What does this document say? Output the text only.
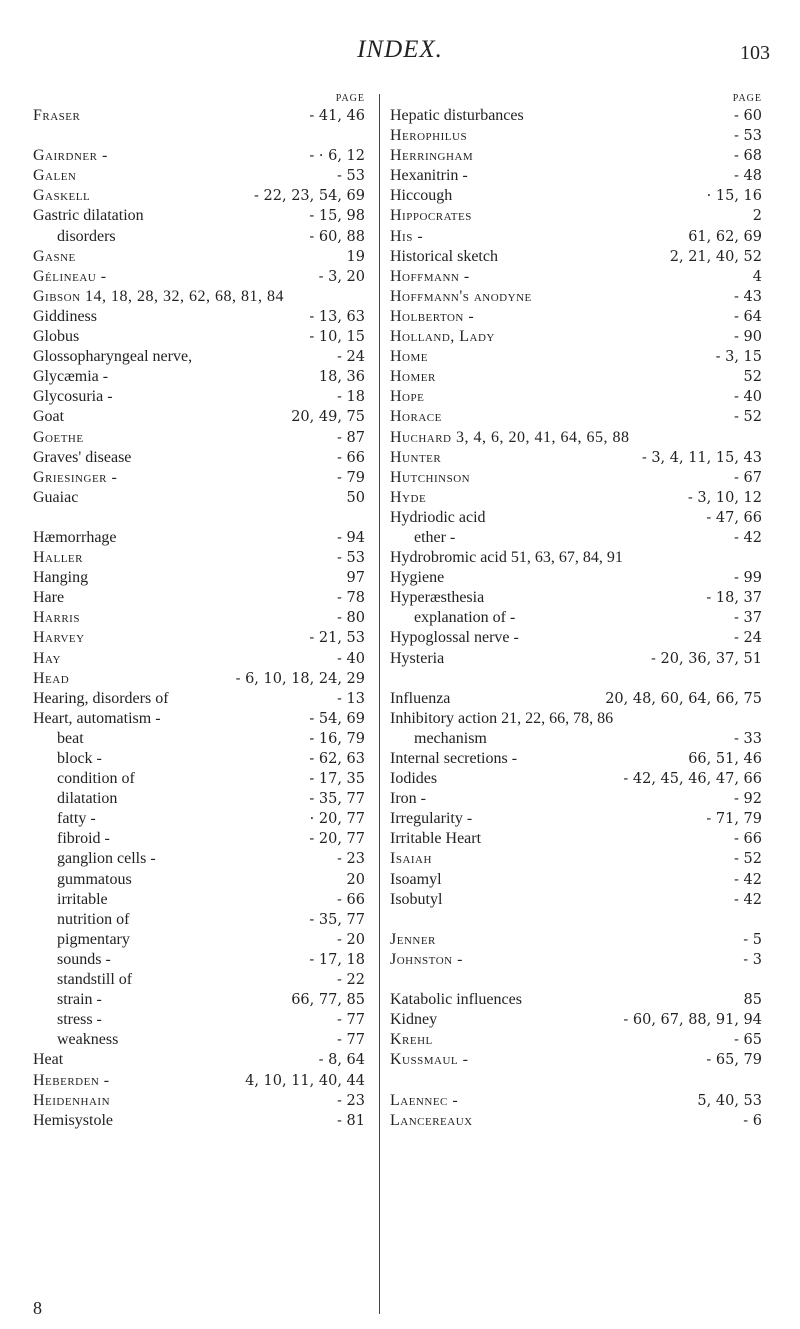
INDEX.	103
PAGE
Fraser	- 41, 46
Gairdner -	- · 6, 12
Galen	- 53
Gaskell	- 22, 23, 54, 69
Gastric dilatation	- 15, 98
disorders	- 60, 88
Gasne	19
Gélineau -	- 3, 20
Gibson 14, 18, 28, 32, 62, 68, 81, 84
Giddiness	- 13, 63
Globus	- 10, 15
Glossopharyngeal nerve,	- 24
Glycæmia -	18, 36
Glycosuria -	- 18
Goat	20, 49, 75
Goethe	- 87
Graves' disease	- 66
Griesinger -	- 79
Guaiac	50
Hæmorrhage	- 94
Haller	- 53
Hanging	97
Hare	- 78
Harris	- 80
Harvey	- 21, 53
Hay	- 40
Head	- 6, 10, 18, 24, 29
Hearing, disorders of	- 13
Heart, automatism -	- 54, 69
beat	- 16, 79
block -	- 62, 63
condition of	- 17, 35
dilatation	- 35, 77
fatty -	· 20, 77
fibroid -	- 20, 77
ganglion cells -	- 23
gummatous	20
irritable	- 66
nutrition of	- 35, 77
pigmentary	- 20
sounds -	- 17, 18
standstill of	- 22
strain -	66, 77, 85
stress -	- 77
weakness	- 77
Heat	- 8, 64
Heberden -	4, 10, 11, 40, 44
Heidenhain	- 23
Hemisystole	- 81
PAGE
Hepatic disturbances	- 60
Herophilus	- 53
Herringham	- 68
Hexanitrin -	- 48
Hiccough	· 15, 16
Hippocrates	2
His -	61, 62, 69
Historical sketch	2, 21, 40, 52
Hoffmann -	4
Hoffmann's anodyne	- 43
Holberton -	- 64
Holland, Lady	- 90
Home	- 3, 15
Homer	52
Hope	- 40
Horace	- 52
Huchard 3, 4, 6, 20, 41, 64, 65, 88
Hunter	- 3, 4, 11, 15, 43
Hutchinson	- 67
Hyde	- 3, 10, 12
Hydriodic acid	- 47, 66
ether -	- 42
Hydrobromic acid 51, 63, 67, 84, 91
Hygiene	- 99
Hyperæsthesia	- 18, 37
explanation of -	- 37
Hypoglossal nerve -	- 24
Hysteria	- 20, 36, 37, 51
Influenza	20, 48, 60, 64, 66, 75
Inhibitory action 21, 22, 66, 78, 86
mechanism	- 33
Internal secretions -	66, 51, 46
Iodides	- 42, 45, 46, 47, 66
Iron -	- 92
Irregularity -	- 71, 79
Irritable Heart	- 66
Isaiah	- 52
Isoamyl	- 42
Isobutyl	- 42
Jenner	- 5
Johnston -	- 3
Katabolic influences	85
Kidney	- 60, 67, 88, 91, 94
Krehl	- 65
Kussmaul -	- 65, 79
Laennec -	5, 40, 53
Lancereaux	- 6
8
